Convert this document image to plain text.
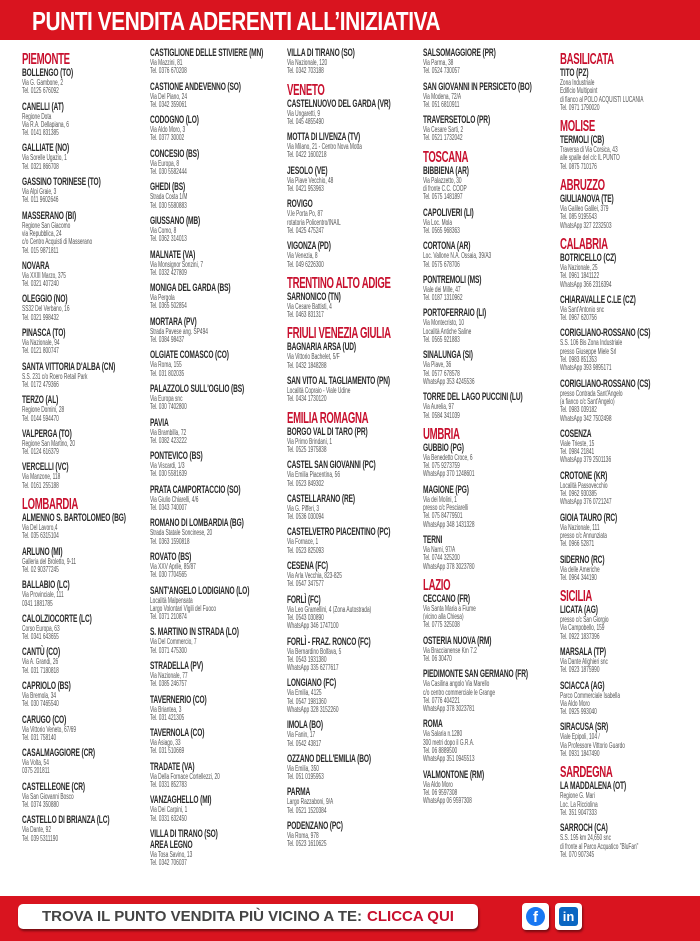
PUNTI VENDITA ADERENTI ALL’INIZIATIVA
PIEMONTE
BOLLENGO (TO)
Via G. Gambone, 2
Tel. 0125 676092
CANELLI (AT)
Regione Dota
Via R.A. Dellapiana, 6
Tel. 0141 831385
GALLIATE (NO)
Via Sorelle Ugazio, 1
Tel. 0321 866708
GASSINO TORINESE (TO)
Via Alpi Graie, 3
Tel. 011 9602646
MASSERANO (BI)
Regione San Giacomo
via Repubblica, 24
c/o Centro Acquisti di Masserano
Tel. 015 9871811
NOVARA
Via XXIII Marzo, 375
Tel. 0321 407240
OLEGGIO (NO)
SS32 Del Verbano, 16
Tel. 0321 998432
PINASCA (TO)
Via Nazionale, 94
Tel. 0121 800747
SANTA VITTORIA D'ALBA (CN)
S.S. 231 c/o Roero Retail Park
Tel. 0172 479366
TERZO (AL)
Regione Domini, 28
Tel. 0144 594470
VALPERGA (TO)
Regione San Martino, 20
Tel. 0124 616379
VERCELLI (VC)
Via Manzone, 118
Tel. 0161 255188
LOMBARDIA
ALMENNO S. BARTOLOMEO (BG)
Via Del Lavoro,4
Tel. 035 6315104
ARLUNO (MI)
Galleria del Broletto, 9-11
Tel. 02 90377245
BALLABIO (LC)
Via Provinciale, 111
0341 1881785
CALOLZIOCORTE (LC)
Corso Europa, 63
Tel. 0341 643655
CANTÙ (CO)
Via A. Grandi, 26
Tel. 031 7180818
CAPRIOLO (BS)
Via Bremola, 34
Tel. 030 7465540
CARUGO (CO)
Via Vittorio Veneto, 67/69
Tel. 031 758140
CASALMAGGIORE (CR)
Via Volta, 54
0375 201811
CASTELLEONE (CR)
Via San Giovanni Bosco
Tel. 0374 350880
CASTELLO DI BRIANZA (LC)
Via Dante, 92
Tel. 039 5311190
CASTIGLIONE DELLE STIVIERE (MN)
Via Mazzini, 81
Tel. 0376 670208
CASTIONE ANDEVENNO (SO)
Via Del Piano, 24
Tel. 0342 359061
CODOGNO (LO)
Via Aldo Moro, 3
Tel. 0377 30002
CONCESIO (BS)
Via Europa, 8
Tel. 030 5582444
GHEDI (BS)
Strada Costa 1/M
Tel. 030 5580883
GIUSSANO (MB)
Via Como, 8
Tel. 0362 314013
MALNATE (VA)
Via Monsignor Sonzini, 7
Tel. 0332 427809
MONIGA DEL GARDA (BS)
Via Pergola
Tel. 0365 502854
MORTARA (PV)
Strada Pavese ang. SP494
Tel. 0384 98437
OLGIATE COMASCO (CO)
Via Roma, 155
Tel. 031 802035
PALAZZOLO SULL'OGLIO (BS)
Via Europa snc
Tel. 030 7402800
PAVIA
Via Brambilla, 72
Tel. 0382 423222
PONTEVICO (BS)
Via Viscardi, 1/3
Tel. 030 5581639
PRATA CAMPORTACCIO (SO)
Via Giulio Chiarelli, 4/6
Tel. 0343 740007
ROMANO DI LOMBARDIA (BG)
Strada Statale Soncinese, 20
Tel. 0363 1590818
ROVATO (BS)
Via XXV Aprile, 85/87
Tel. 030 7704565
SANT'ANGELO LODIGIANO (LO)
Località Malpensata
Largo Volontari Vigili del Fuoco
Tel. 0371 210874
S. MARTINO IN STRADA (LO)
Via Del Commercio, 7
Tel. 0371 475300
STRADELLA (PV)
Via Nazionale, 77
Tel. 0385 246757
TAVERNERIO (CO)
Via Briantea, 3
Tel. 031 421305
TAVERNOLA (CO)
Via Asiago, 33
Tel. 031 510669
TRADATE (VA)
Via Della Fornace Cortellezzi, 20
Tel. 0331 852783
VANZAGHELLO (MI)
Via Dei Carpini, 1
Tel. 0331 632450
VILLA DI TIRANO (SO)
AREA LEGNO
Via Tosa Savino, 13
Tel. 0342 706037
VILLA DI TIRANO (SO)
Via Nazionale, 120
Tel. 0342 703188
VENETO
CASTELNUOVO DEL GARDA (VR)
Via Ungaretti, 9
Tel. 045 4855490
MOTTA DI LIVENZA (TV)
Via Milano, 21 - Centro Nova Motta
Tel. 0422 1600218
JESOLO (VE)
Via Piave Vecchio, 48
Tel. 0421 953963
ROVIGO
V.le Porta Po, 87
rotatoria Policentro/INAIL
Tel. 0425 475247
VIGONZA (PD)
Via Venezia, 8
Tel. 049 6226300
TRENTINO ALTO ADIGE
SARNONICO (TN)
Via Cesare Battisti, 4
Tel. 0463 831317
FRIULI VENEZIA GIULIA
BAGNARIA ARSA (UD)
Via Vittorio Bachelet, 5/F
Tel. 0432 1848288
SAN VITO AL TAGLIAMENTO (PN)
Località Copraio - Viale Udine
Tel. 0434 1730120
EMILIA ROMAGNA
BORGO VAL DI TARO (PR)
Via Primo Brindani, 1
Tel. 0525 1975838
CASTEL SAN GIOVANNI (PC)
Via Emilia Piacentina, 56
Tel. 0523 849302
CASTELLARANO (RE)
Via G. Pifferi, 3
Tel. 0536 030094
CASTELVETRO PIACENTINO (PC)
Via Fornace, 1
Tel. 0523 825093
CESENA (FC)
Via Arla Vecchia, 823-825
Tel. 0547 347577
FORLÌ (FC)
Via Leo Gramellini, 4 (Zona Autostrada)
Tel. 0543 030890
WhatsApp 346 1747100
FORLÌ - FRAZ. RONCO (FC)
Via Bernardino Bolfava, 5
Tel. 0543 1931380
WhatsApp 335 6277617
LONGIANO (FC)
Via Emilia, 4125
Tel. 0547 1981360
WhatsApp 328 3152260
IMOLA (BO)
Via Fanin, 17
Tel. 0542 43817
OZZANO DELL'EMILIA (BO)
Via Emilia, 350
Tel. 051 0195953
PARMA
Largo Razzaboni, 9/A
Tel. 0521 1520384
PODENZANO (PC)
Via Roma, 978
Tel. 0523 1610625
SALSOMAGGIORE (PR)
Via Parma, 38
Tel. 0524 730057
SAN GIOVANNI IN PERSICETO (BO)
Via Modena, 72/A
Tel. 051 6810911
TRAVERSETOLO (PR)
Via Cesare Sarti, 2
Tel. 0521 1732042
TOSCANA
BIBBIENA (AR)
Via Palazzetto, 30
di fronte C.C. COOP
Tel. 0575 1481897
CAPOLIVERI (LI)
Via Loc. Mola
Tel. 0565 968363
CORTONA (AR)
Loc. Vallone N.A. Ossaia, 39/A3
Tel. 0575 678706
PONTREMOLI (MS)
Viale dei Mille, 47
Tel. 0187 1310962
PORTOFERRAIO (LI)
Via Montecristo, 10
Località Antiche Saline
Tel. 0565 921883
SINALUNGA (SI)
Via Piave, 36
Tel. 0577 678578
WhatsApp 353 4245536
TORRE DEL LAGO PUCCINI (LU)
Via Aurelia, 97
Tel. 0584 341039
UMBRIA
GUBBIO (PG)
Via Benedetto Croce, 6
Tel. 075 9273759
WhatsApp 370 1248601
MAGIONE (PG)
Via dei Molini, 1
presso c/c Pesciarelli
Tel. 075 84779501
WhatsApp 348 1431328
TERNI
Via Narni, 97/A
Tel. 0744 325200
WhatsApp 378 3023780
LAZIO
CECCANO (FR)
Via Santa Maria a Fiume
(vicino alla Chiesa)
Tel. 0775 325038
OSTERIA NUOVA (RM)
Via Braccianense Km 7.2
Tel. 06 30470
PIEDIMONTE SAN GERMANO (FR)
Via Casilina angolo Via Marello
c/o centro commerciale le Grange
Tel. 0776 404221
WhatsApp 378 3023781
ROMA
Via Salaria n.1280
300 metri dopo il G.R.A.
Tel. 06 8889500
WhatsApp 351 0945513
VALMONTONE (RM)
Via Aldo Moro
Tel. 06 9597308
WhatsApp 06 9597308
BASILICATA
TITO (PZ)
Zona Industriale
Edificio Multipoint
di fianco al POLO ACQUISTI LUCANIA
Tel. 0971 1790020
MOLISE
TERMOLI (CB)
Traversa di Via Corsica, 43
alle spalle del c/c IL PUNTO
Tel. 0875 710176
ABRUZZO
GIULIANOVA (TE)
Via Galileo Galilei, 379
Tel. 085 9195543
WhatsApp 327 2232503
CALABRIA
BOTRICELLO (CZ)
Via Nazionale, 25
Tel. 0961 1841122
WhatsApp 366 2316394
CHIARAVALLE C.LE (CZ)
Via Sant'Antonio snc
Tel. 0967 620756
CORIGLIANO-ROSSANO (CS)
S.S. 106 Bis Zona Industriale
presso Giuseppe Miele Srl
Tel. 0983 851353
WhatsApp 393 9895171
CORIGLIANO-ROSSANO (CS)
presso Contrada Sant'Angelo
(a fianco c/c Sant'Angelo)
Tel. 0983 039182
WhatsApp 342 7502498
COSENZA
Viale Trieste, 15
Tel. 0984 21841
WhatsApp 379 2501136
CROTONE (KR)
Località Passovecchio
Tel. 0962 930385
WhatsApp 376 0721247
GIOIA TAURO (RC)
Via Nazionale, 111
presso c/c Annunziata
Tel. 0966 52871
SIDERNO (RC)
Via delle Americhe
Tel. 0964 344190
SICILIA
LICATA (AG)
presso c/c San Giorgio
Via Campobello, 159
Tel. 0922 1837396
MARSALA (TP)
Via Dante Alighieri snc
Tel. 0923 1875990
SCIACCA (AG)
Parco Commerciale Isabella
Via Aldo Moro
Tel. 0925 993040
SIRACUSA (SR)
Viale Epipoli, 104 /
Via Professore Vittorio Guardo
Tel. 0931 1847490
SARDEGNA
LA MADDALENA (OT)
Regione G. Mari
Loc. La Ricciolina
Tel. 351 9047333
SARROCH (CA)
S.S. 195 km 24,650 snc
di fronte al Parco Acquatico "BluFan"
Tel. 070 907345
TROVA IL PUNTO VENDITA PIÙ VICINO A TE: CLICCA QUI	f in
